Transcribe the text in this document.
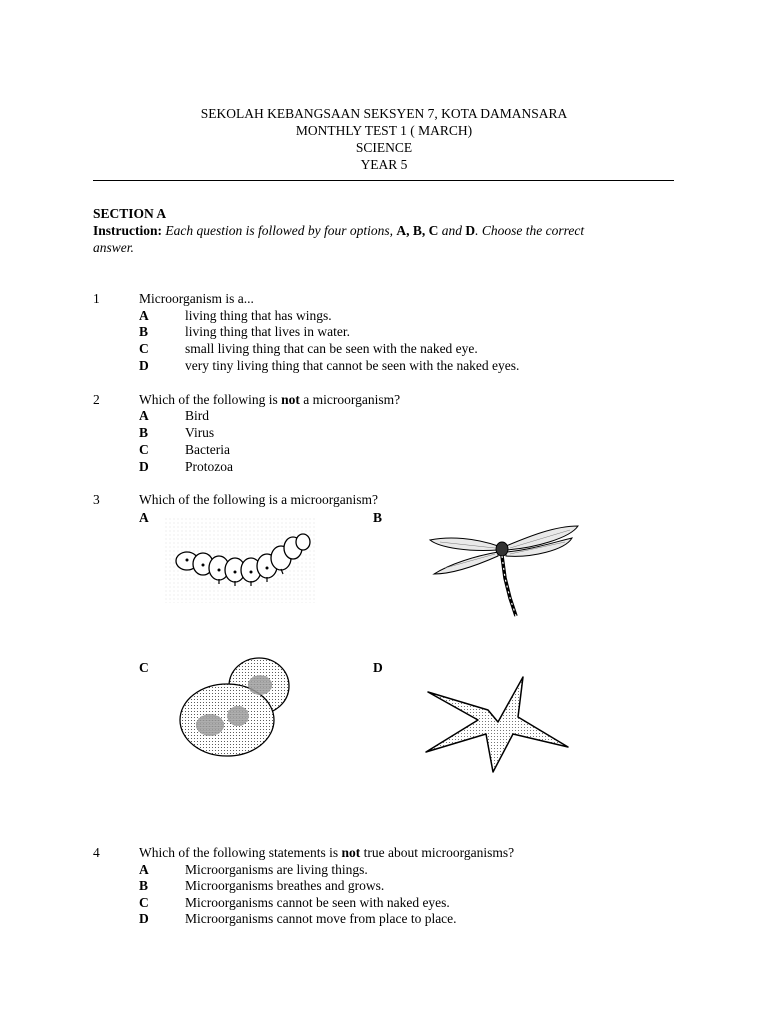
SEKOLAH KEBANGSAAN SEKSYEN 7, KOTA DAMANSARA
MONTHLY TEST 1 ( MARCH)
SCIENCE
YEAR 5
SECTION A
Instruction: Each question is followed by four options, A, B, C and D. Choose the correct
answer.
1	Microorganism is a...
A	living thing that has wings.
B	living thing that lives in water.
C	small living thing that can be seen with the naked eye.
D	very tiny living thing that cannot be seen with the naked eyes.
2	Which of the following is not a microorganism?
A	Bird
B	Virus
C	Bacteria
D	Protozoa
3	Which of the following is a microorganism?
A	B
C	D
4	Which of the following statements is not true about microorganisms?
A	Microorganisms are living things.
B	Microorganisms breathes and grows.
C	Microorganisms cannot be seen with naked eyes.
D	Microorganisms cannot move from place to place.
